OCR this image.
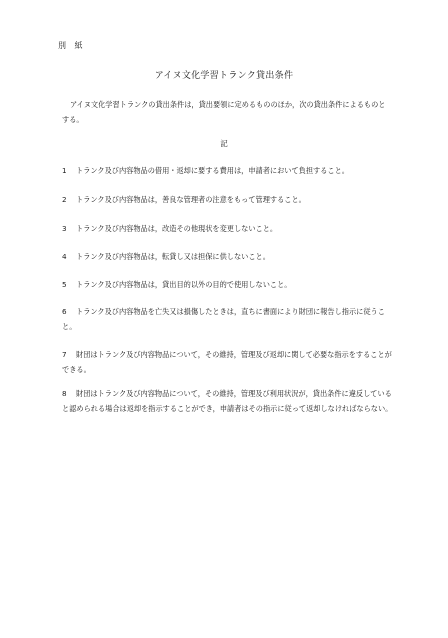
別 紙
アイヌ文化学習トランク貸出条件

アイヌ文化学習トランクの貸出条件は，貸出要領に定めるもののほか，次の貸出条件によるものとする。

記

1 トランク及び内容物品の借用・返却に要する費用は，申請者において負担すること。

2 トランク及び内容物品は，善良な管理者の注意をもって管理すること。

3 トランク及び内容物品は，改造その他現状を変更しないこと。

4 トランク及び内容物品は，転貸し又は担保に供しないこと。

5 トランク及び内容物品は，貸出目的以外の目的で使用しないこと。

6 トランク及び内容物品を亡失又は損傷したときは，直ちに書面により財団に報告し指示に従うこと。

7 財団はトランク及び内容物品について，その維持，管理及び返却に関して必要な指示をすることができる。

8 財団はトランク及び内容物品について，その維持，管理及び利用状況が，貸出条件に違反していると認められる場合は返却を指示することができ，申請者はその指示に従って返却しなければならない。
